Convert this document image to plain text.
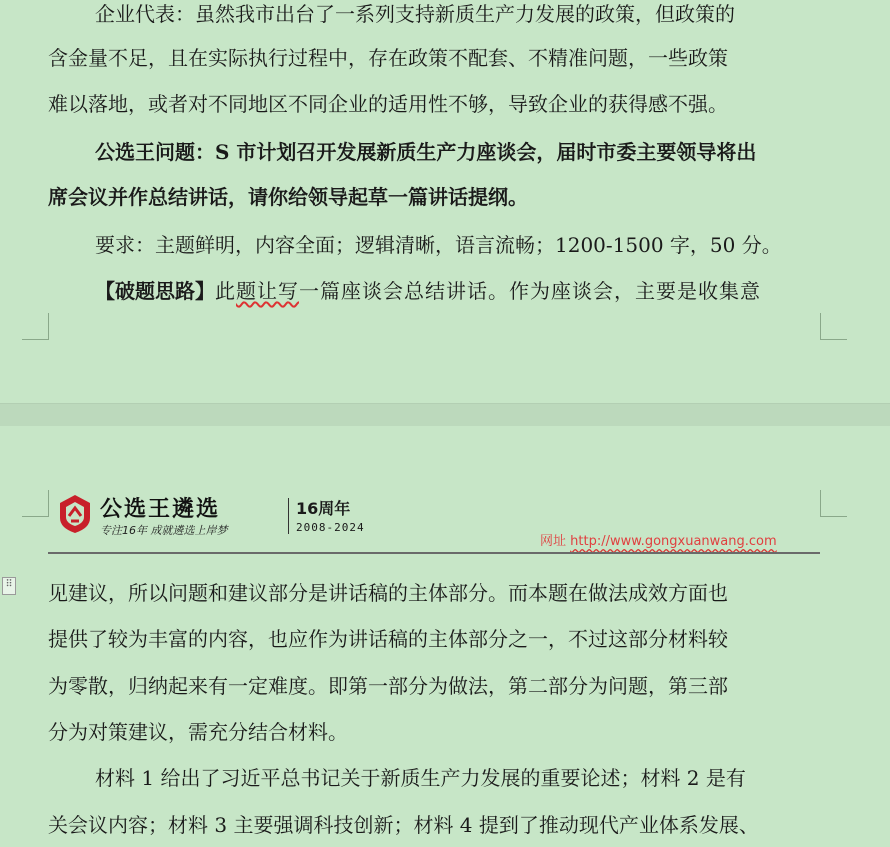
企业代表：虽然我市出台了一系列支持新质生产力发展的政策，但政策的
含金量不足，且在实际执行过程中，存在政策不配套、不精准问题，一些政策
难以落地，或者对不同地区不同企业的适用性不够，导致企业的获得感不强。
公选王问题：S 市计划召开发展新质生产力座谈会，届时市委主要领导将出
席会议并作总结讲话，请你给领导起草一篇讲话提纲。
要求：主题鲜明，内容全面；逻辑清晰，语言流畅；1200-1500 字，50 分。
【破题思路】此题让写一篇座谈会总结讲话。作为座谈会，主要是收集意
公选王遴选
专注16年 成就遴选上岸梦
16周年
2008-2024
网址 http://www.gongxuanwang.com
⠿ 见建议，所以问题和建议部分是讲话稿的主体部分。而本题在做法成效方面也
提供了较为丰富的内容，也应作为讲话稿的主体部分之一，不过这部分材料较
为零散，归纳起来有一定难度。即第一部分为做法，第二部分为问题，第三部
分为对策建议，需充分结合材料。
材料 1 给出了习近平总书记关于新质生产力发展的重要论述；材料 2 是有
关会议内容；材料 3 主要强调科技创新；材料 4 提到了推动现代产业体系发展、
